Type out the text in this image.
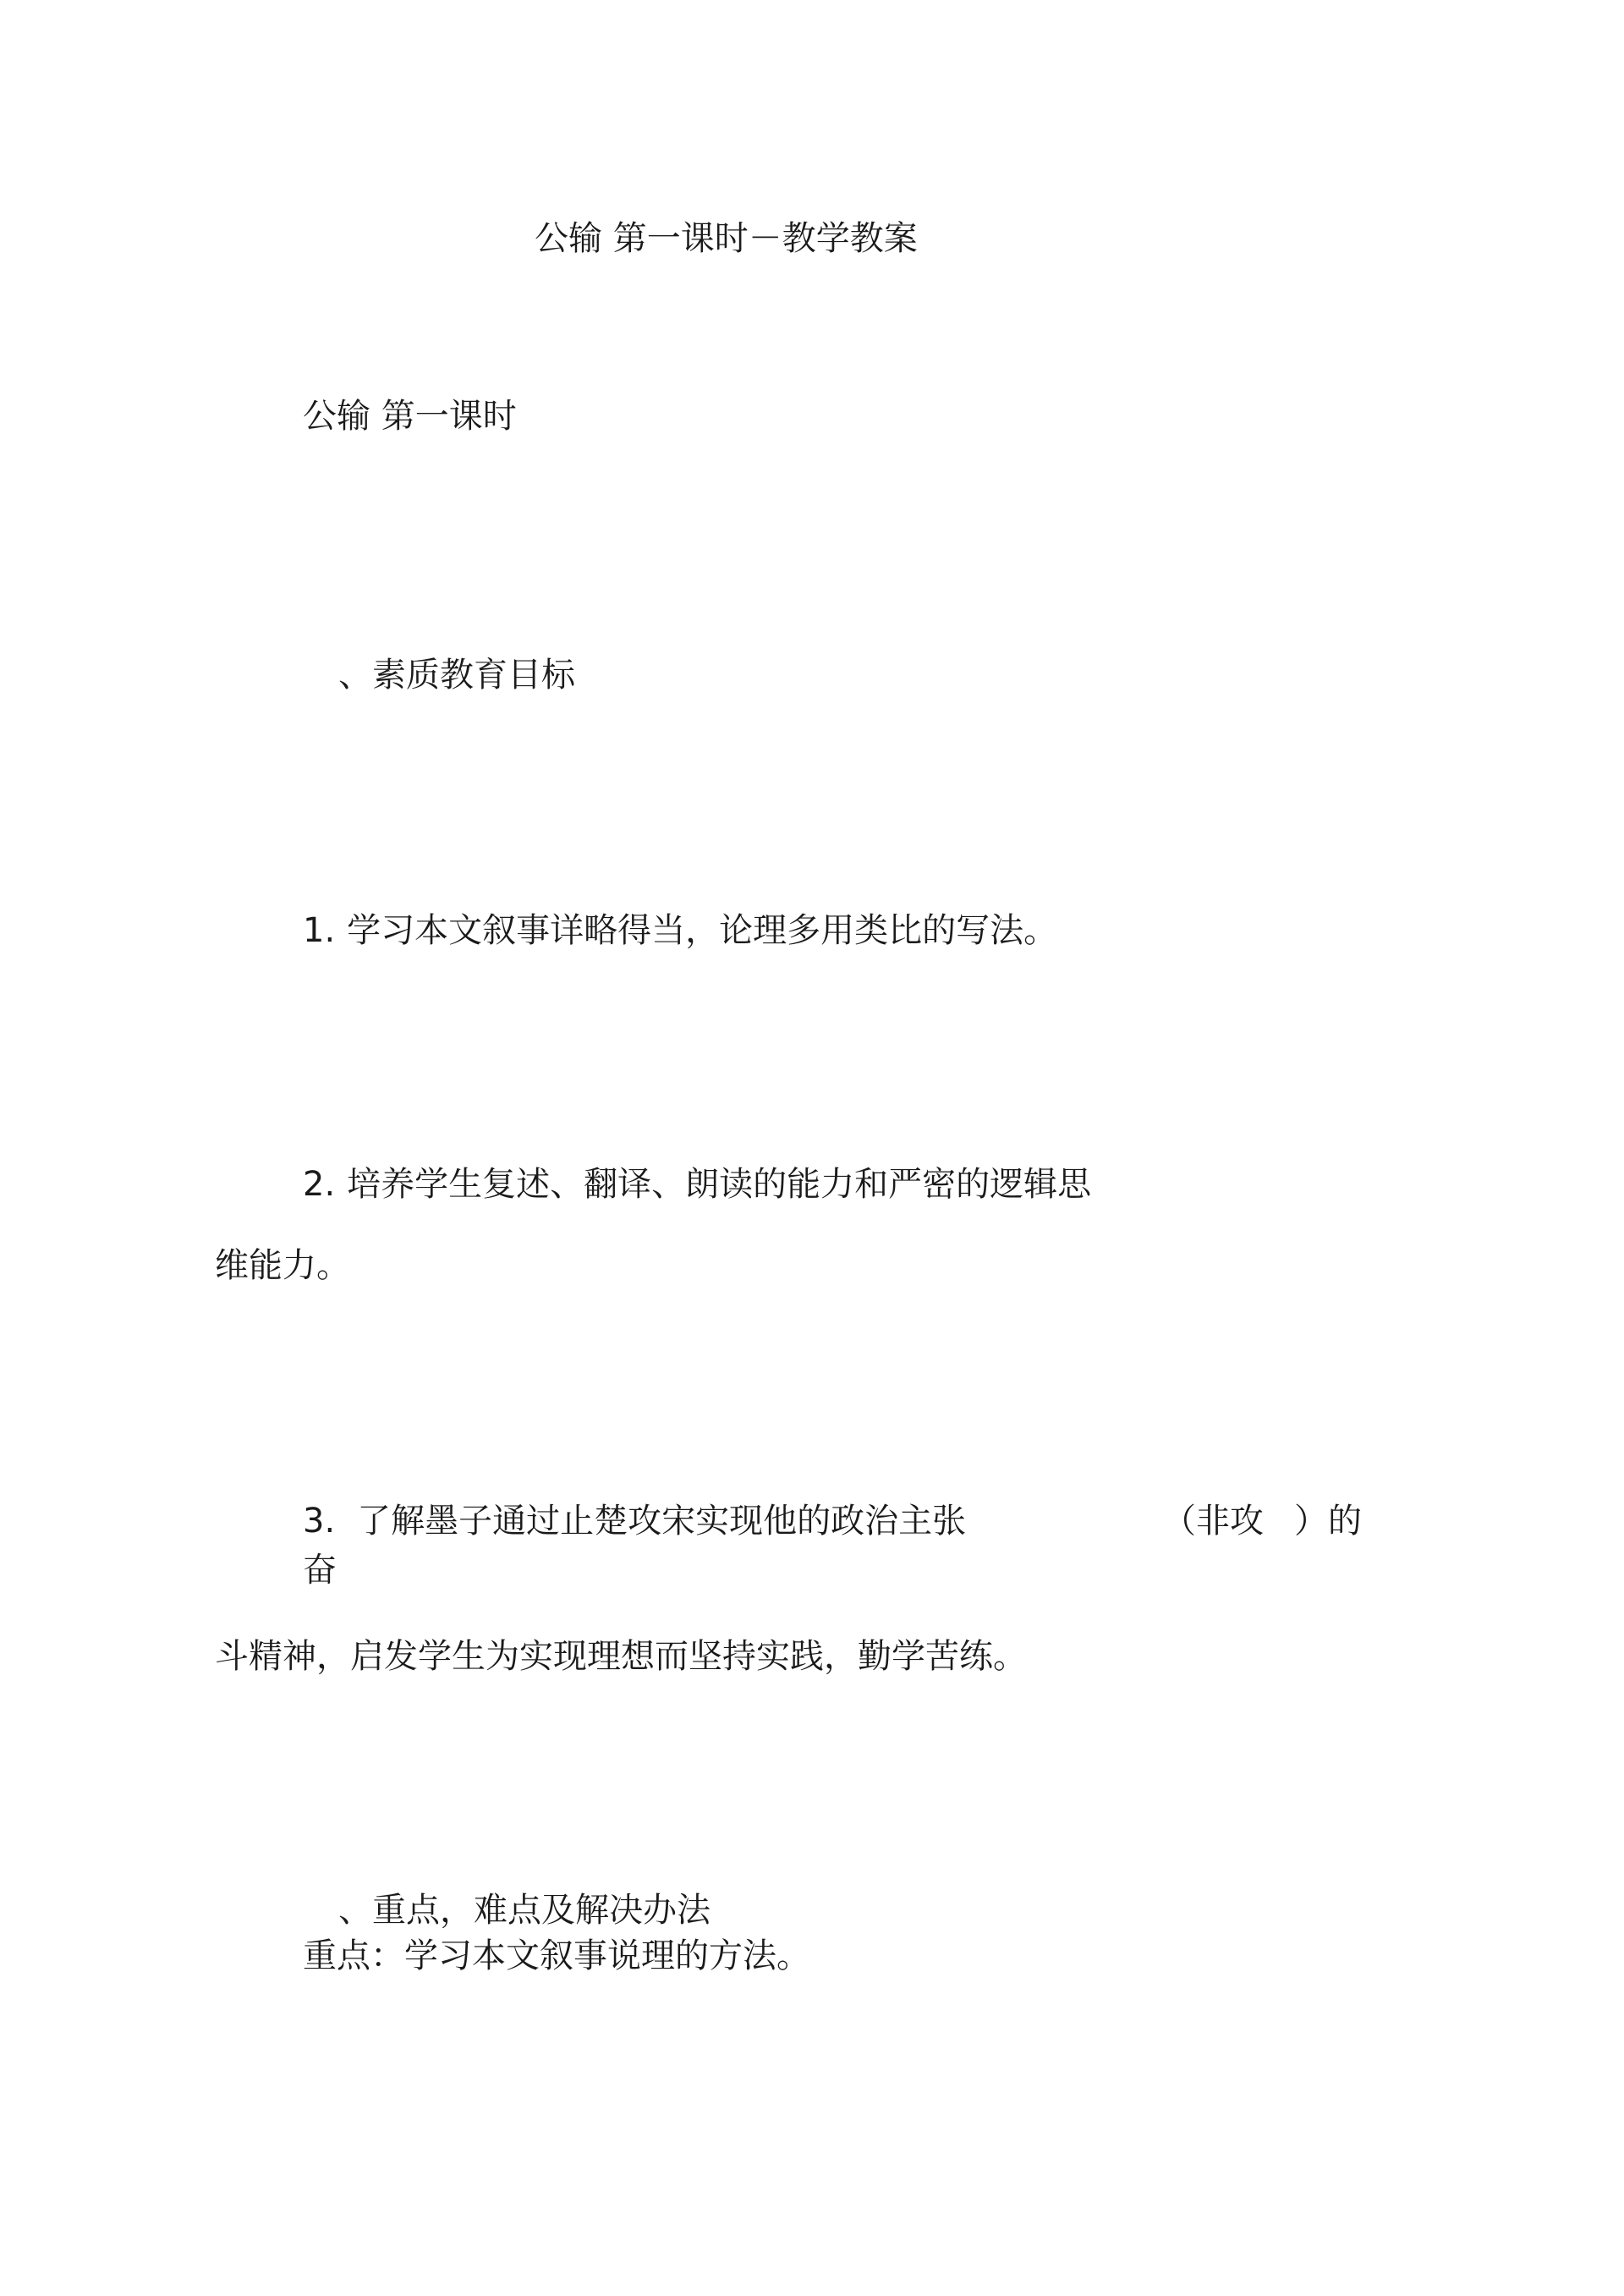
公输 第一课时－教学教案
公输 第一课时
、素质教育目标
1. 学习本文叙事详略得当，论理多用类比的写法。
2. 培养学生复述、翻译、朗读的能力和严密的逻辑思
维能力。
3. 了解墨子通过止楚攻宋实现他的政治主张	（非攻 ）的
奋
斗精神，启发学生为实现理想而坚持实践，勤学苦练。
、重点，难点及解决办法
重点：学习本文叙事说理的方法。
